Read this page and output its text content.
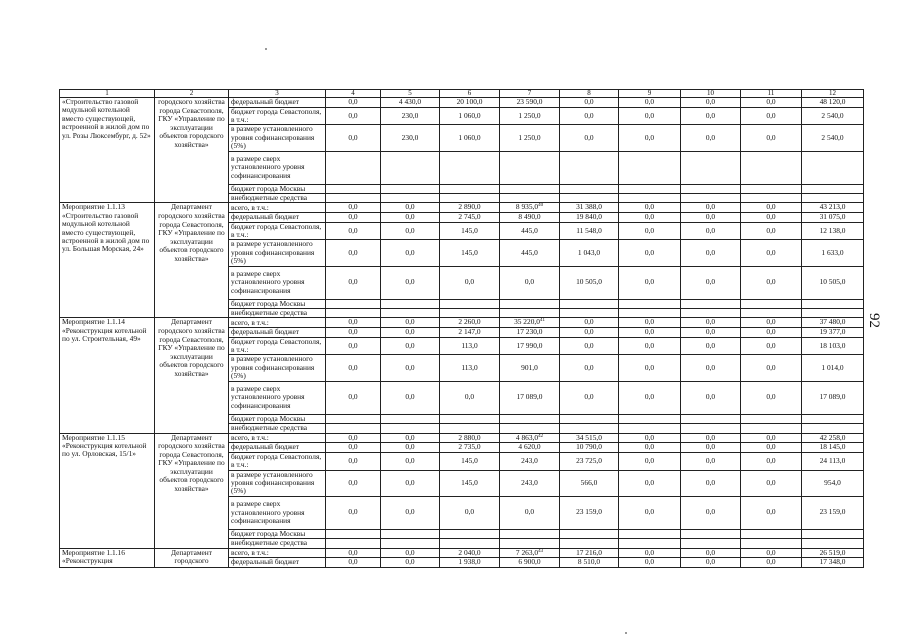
92
1	2	3	4	5	6	7	8	9	10	11	12
«Строительство газовой модульной котельной вместо существующей, встроенной в жилой дом по ул. Розы Люксембург, д. 52»	городского хозяйства города Севастополя, ГКУ «Управление по эксплуатации объектов городского хозяйства»	федеральный бюджет	0,0	4 430,0	20 100,0	23 590,0	0,0	0,0	0,0	0,0	48 120,0
		бюджет города Севастополя, в т.ч.:	0,0	230,0	1 060,0	1 250,0	0,0	0,0	0,0	0,0	2 540,0
		в размере установленного уровня софинансирования (5%)	0,0	230,0	1 060,0	1 250,0	0,0	0,0	0,0	0,0	2 540,0
		в размере сверх установленного уровня софинансирования									
		бюджет города Москвы									
		внебюджетные средства									
Мероприятие 1.1.13 «Строительство газовой модульной котельной вместо существующей, встроенной в жилой дом по ул. Большая Морская, 24»	Департамент городского хозяйства города Севастополя, ГКУ «Управление по эксплуатации объектов городского хозяйства»	всего, в т.ч.:	0,0	0,0	2 890,0	8 935,0$^{40}$	31 388,0	0,0	0,0	0,0	43 213,0
		федеральный бюджет	0,0	0,0	2 745,0	8 490,0	19 840,0	0,0	0,0	0,0	31 075,0
		бюджет города Севастополя, в т.ч.:	0,0	0,0	145,0	445,0	11 548,0	0,0	0,0	0,0	12 138,0
		в размере установленного уровня софинансирования (5%)	0,0	0,0	145,0	445,0	1 043,0	0,0	0,0	0,0	1 633,0
		в размере сверх установленного уровня софинансирования	0,0	0,0	0,0	0,0	10 505,0	0,0	0,0	0,0	10 505,0
		бюджет города Москвы									
		внебюджетные средства									
Мероприятие 1.1.14 «Реконструкция котельной по ул. Строительная, 49»	Департамент городского хозяйства города Севастополя, ГКУ «Управление по эксплуатации объектов городского хозяйства»	всего, в т.ч.:	0,0	0,0	2 260,0	35 220,0$^{41}$	0,0	0,0	0,0	0,0	37 480,0
		федеральный бюджет	0,0	0,0	2 147,0	17 230,0	0,0	0,0	0,0	0,0	19 377,0
		бюджет города Севастополя, в т.ч.:	0,0	0,0	113,0	17 990,0	0,0	0,0	0,0	0,0	18 103,0
		в размере установленного уровня софинансирования (5%)	0,0	0,0	113,0	901,0	0,0	0,0	0,0	0,0	1 014,0
		в размере сверх установленного уровня софинансирования	0,0	0,0	0,0	17 089,0	0,0	0,0	0,0	0,0	17 089,0
		бюджет города Москвы									
		внебюджетные средства									
Мероприятие 1.1.15 «Реконструкция котельной по ул. Орловская, 15/1»	Департамент городского хозяйства города Севастополя, ГКУ «Управление по эксплуатации объектов городского хозяйства»	всего, в т.ч.:	0,0	0,0	2 880,0	4 863,0$^{42}$	34 515,0	0,0	0,0	0,0	42 258,0
		федеральный бюджет	0,0	0,0	2 735,0	4 620,0	10 790,0	0,0	0,0	0,0	18 145,0
		бюджет города Севастополя, в т.ч.:	0,0	0,0	145,0	243,0	23 725,0	0,0	0,0	0,0	24 113,0
		в размере установленного уровня софинансирования (5%)	0,0	0,0	145,0	243,0	566,0	0,0	0,0	0,0	954,0
		в размере сверх установленного уровня софинансирования	0,0	0,0	0,0	0,0	23 159,0	0,0	0,0	0,0	23 159,0
		бюджет города Москвы									
		внебюджетные средства									
Мероприятие 1.1.16 «Реконструкция	Департамент городского	всего, в т.ч.:	0,0	0,0	2 040,0	7 263,0$^{43}$	17 216,0	0,0	0,0	0,0	26 519,0
		федеральный бюджет	0,0	0,0	1 938,0	6 900,0	8 510,0	0,0	0,0	0,0	17 348,0
